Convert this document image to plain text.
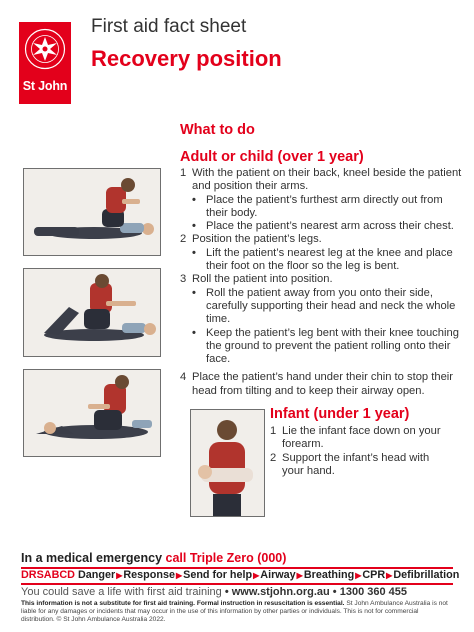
St John
First aid fact sheet
Recovery position
What to do
Adult or child (over 1 year)
1 With the patient on their back, kneel beside the patient and position their arms.
• Place the patient’s furthest arm directly out from their body.
• Place the patient’s nearest arm across their chest.
2 Position the patient’s legs.
• Lift the patient’s nearest leg at the knee and place their foot on the floor so the leg is bent.
3 Roll the patient into position.
• Roll the patient away from you onto their side, carefully supporting their head and neck the whole time.
• Keep the patient’s leg bent with their knee touching the ground to prevent the patient rolling onto their face.
4 Place the patient’s hand under their chin to stop their head from tilting and to keep their airway open.
Infant (under 1 year)
1 Lie the infant face down on your forearm.
2 Support the infant’s head with your hand.
In a medical emergency call Triple Zero (000)
DRSABCD Danger▶Response▶Send for help▶Airway▶Breathing▶CPR▶Defibrillation
You could save a life with first aid training • www.stjohn.org.au • 1300 360 455
This information is not a substitute for first aid training. Formal instruction in resuscitation is essential. St John Ambulance Australia is not liable for any damages or incidents that may occur in the use of this information by other parties or individuals. This is not for commercial distribution. © St John Ambulance Australia 2022.
